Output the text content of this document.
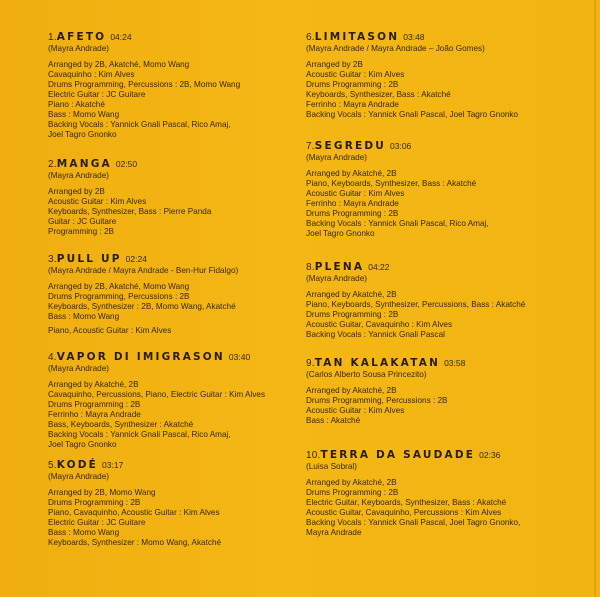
1.AFETO 04:24
(Mayra Andrade)
Arranged by 2B, Akatché, Momo Wang
Cavaquinho : Kim Alves
Drums Programming, Percussions : 2B, Momo Wang
Electric Guitar : JC Guitare
Piano : Akatché
Bass : Momo Wang
Backing Vocals : Yannick Gnali Pascal, Rico Amaj,
Joel Tagro Gnonko
2.MANGA 02:50
(Mayra Andrade)
Arranged by 2B
Acoustic Guitar : Kim Alves
Keyboards, Synthesizer, Bass : Pierre Panda
Guitar : JC Guitare
Programming : 2B
3.PULL UP 02:24
(Mayra Andrade / Mayra Andrade - Ben-Hur Fidalgo)
Arranged by 2B, Akatché, Momo Wang
Drums Programming, Percussions : 2B
Keyboards, Synthesizer : 2B, Momo Wang, Akatché
Bass : Momo Wang
Piano, Acoustic Guitar : Kim Alves
4.VAPOR DI IMIGRASON 03:40
(Mayra Andrade)
Arranged by Akatché, 2B
Cavaquinho, Percussions, Piano, Electric Guitar : Kim Alves
Drums Programming : 2B
Ferrinho : Mayra Andrade
Bass, Keyboards, Synthesizer : Akatché
Backing Vocals : Yannick Gnali Pascal, Rico Amaj,
Joel Tagro Gnonko
5.KODÉ 03:17
(Mayra Andrade)
Arranged by 2B, Momo Wang
Drums Programming : 2B
Piano, Cavaquinho, Acoustic Guitar : Kim Alves
Electric Guitar : JC Guitare
Bass : Momo Wang
Keyboards, Synthesizer : Momo Wang, Akatché
6.LIMITASON 03:48
(Mayra Andrade / Mayra Andrade – João Gomes)
Arranged by 2B
Acoustic Guitar : Kim Alves
Drums Programming : 2B
Keyboards, Synthesizer, Bass : Akatché
Ferrinho : Mayra Andrade
Backing Vocals : Yannick Gnali Pascal, Joel Tagro Gnonko
7.SEGREDU 03:06
(Mayra Andrade)
Arranged by Akatché, 2B
Piano, Keyboards, Synthesizer, Bass : Akatché
Acoustic Guitar : Kim Alves
Ferrinho : Mayra Andrade
Drums Programming : 2B
Backing Vocals : Yannick Gnali Pascal, Rico Amaj,
Joel Tagro Gnonko
8.PLENA 04:22
(Mayra Andrade)
Arranged by Akatché, 2B
Piano, Keyboards, Synthesizer, Percussions, Bass : Akatché
Drums Programming : 2B
Acoustic Guitar, Cavaquinho : Kim Alves
Backing Vocals : Yannick Gnali Pascal
9.TAN KALAKATAN 03:58
(Carlos Alberto Sousa Princezito)
Arranged by Akatché, 2B
Drums Programming, Percussions : 2B
Acoustic Guitar : Kim Alves
Bass : Akatché
10.TERRA DA SAUDADE 02:36
(Luisa Sobral)
Arranged by Akatché, 2B
Drums Programming : 2B
Electric Guitar, Keyboards, Synthesizer, Bass : Akatché
Acoustic Guitar, Cavaquinho, Percussions : Kim Alves
Backing Vocals : Yannick Gnali Pascal, Joel Tagro Gnonko,
Mayra Andrade
